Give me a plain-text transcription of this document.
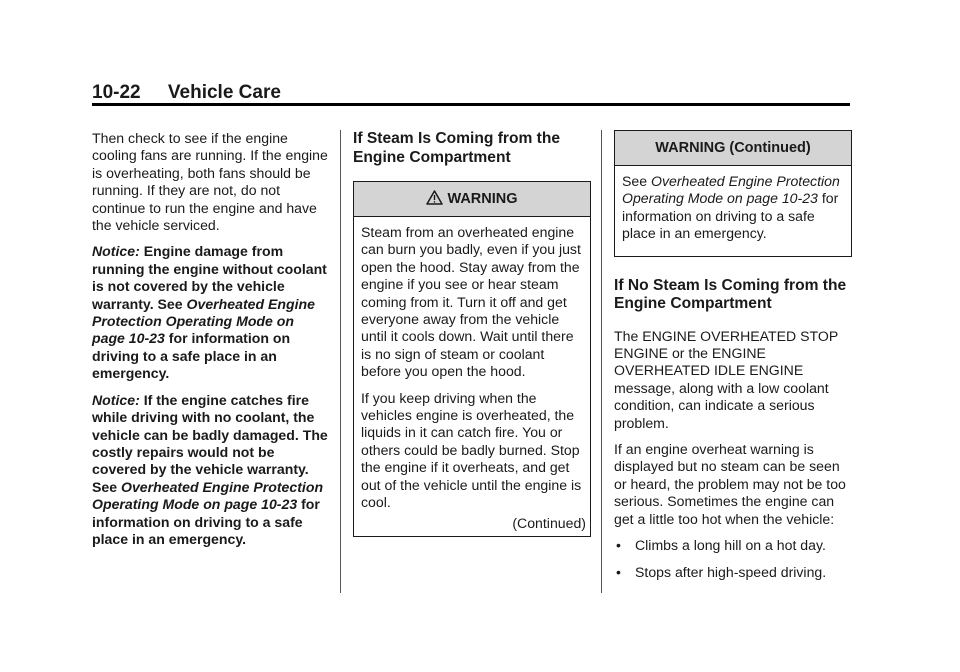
10-22 Vehicle Care

Then check to see if the engine cooling fans are running. If the engine is overheating, both fans should be running. If they are not, do not continue to run the engine and have the vehicle serviced.

Notice: Engine damage from running the engine without coolant is not covered by the vehicle warranty. See Overheated Engine Protection Operating Mode on page 10-23 for information on driving to a safe place in an emergency.

Notice: If the engine catches fire while driving with no coolant, the vehicle can be badly damaged. The costly repairs would not be covered by the vehicle warranty. See Overheated Engine Protection Operating Mode on page 10-23 for information on driving to a safe place in an emergency.

If Steam Is Coming from the Engine Compartment
WARNING

Steam from an overheated engine can burn you badly, even if you just open the hood. Stay away from the engine if you see or hear steam coming from it. Turn it off and get everyone away from the vehicle until it cools down. Wait until there is no sign of steam or coolant before you open the hood.

If you keep driving when the vehicles engine is overheated, the liquids in it can catch fire. You or others could be badly burned. Stop the engine if it overheats, and get out of the vehicle until the engine is cool.

(Continued)
WARNING (Continued)

See Overheated Engine Protection Operating Mode on page 10-23 for information on driving to a safe place in an emergency.

If No Steam Is Coming from the Engine Compartment

The ENGINE OVERHEATED STOP ENGINE or the ENGINE OVERHEATED IDLE ENGINE message, along with a low coolant condition, can indicate a serious problem.

If an engine overheat warning is displayed but no steam can be seen or heard, the problem may not be too serious. Sometimes the engine can get a little too hot when the vehicle:

• Climbs a long hill on a hot day.
• Stops after high-speed driving.
